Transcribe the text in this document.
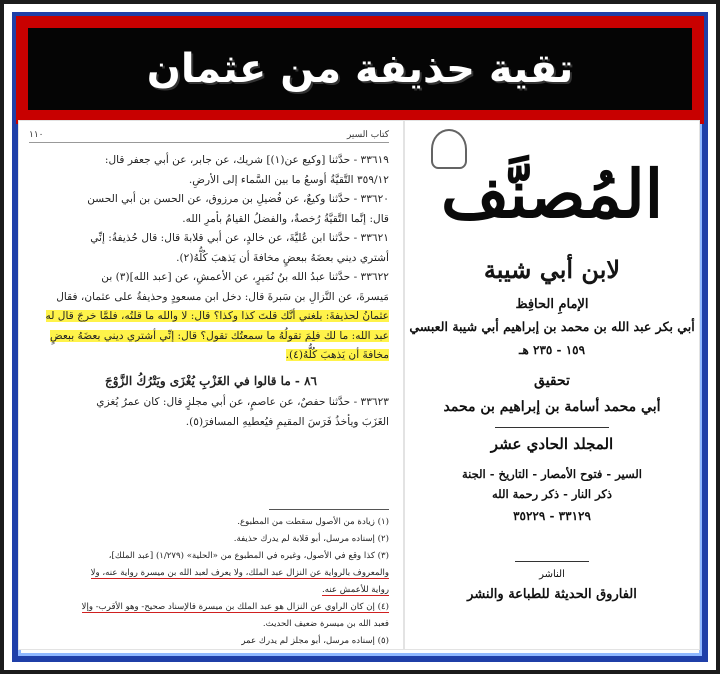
تقية حذيفة من عثمان
١١٠	كتاب السير

٣٣٦١٩ - حدَّثنا [وكيع عن(١)] شريك، عن جابر، عن أبي جعفر قال:

٣٥٩/١٢ التَّقيَّةُ أوسعُ ما بين السَّماء إلى الأرضِ.

٣٣٦٢٠ - حدَّثنا وكيعٌ، عن فُضيلِ بن مرزوق، عن الحسن بن أبي الحسن

قال: إنَّما التَّقيَّةُ رُخصةٌ، والفضلُ القيامُ بأمرِ الله.

٣٣٦٢١ - حدَّثنا ابن عُليَّةَ، عن خالدٍ، عن أبي قلابةَ قال: قال حُذيفةُ: إنِّي

أشتري ديني بعضَهُ ببعضٍ مخافةَ أن يَذهبَ كُلُّهُ(٢).

٣٣٦٢٢ - حدَّثنا عبدُ الله بنُ نُمَيرٍ، عن الأعمشِ، عن [عبد الله](٣) بن

مَيسرةَ، عن النَّزالِ بن سَبرةَ قال: دخل ابن مسعودٍ وحذيفةُ على عثمان، فقال

عثمانُ لحذيفةَ: بلغني أنَّك قلتَ كذا وكذا؟ قال: لا والله ما قلتُه، فلمَّا خرجَ قال له

عبد الله: ما لك فلِمَ تقولُهُ ما سمعتُك تقول؟ قال: إنِّي أشتري ديني بعضَهُ ببعضٍ

مخافةَ أن يَذهبَ كُلُّهُ(٤).

٨٦ - ما قالوا في الغَزْبِ يُغْزَى ويَتْرُكُ الزَّوْجَ

٣٣٦٢٣ - حدَّثنا حفصٌ، عن عاصمٍ، عن أبي مجلزٍ قال: كان عمرُ يُغزي

الغَزَبَ ويأخذُ فَرَسَ المقيمِ فيُعطيهِ المسافرَ(٥).

(١) زيادة من الأصول سقطت من المطبوع.

(٢) إسناده مرسل، أبو قلابة لم يدرك حذيفة.

(٣) كذا وقع في الأصول، وغيره في المطبوع من «الحلية» (١/٢٧٩) [عبد الملك]،

والمعروف بالرواية عن النزال عبد الملك، ولا يعرف لعبد الله بن ميسرة رواية عنه، ولا

رواية للأعمش عنه.

(٤) إن كان الراوي عن النزال هو عبد الملك بن ميسرة فالإسناد صحيح- وهو الأقرب- وإلا

فعبد الله بن ميسرة ضعيف الحديث.

(٥) إسناده مرسل، أبو مجلز لم يدرك عمر

المُصنَّف
لابن أبي شيبة
الإمامِ الحافِظ
أبي بكر عبد الله بن محمد بن إبراهيم أبي شيبة العبسي
١٥٩ - ٢٣٥ هـ
تحقيق
أبي محمد أسامة بن إبراهيم بن محمد
المجلد الحادي عشر
السير - فتوح الأمصار - التاريخ - الجنة
ذكر النار - ذكر رحمة الله
٣٣١٢٩ - ٣٥٢٢٩
الناشر
الفاروق الحديثة للطباعة والنشر
